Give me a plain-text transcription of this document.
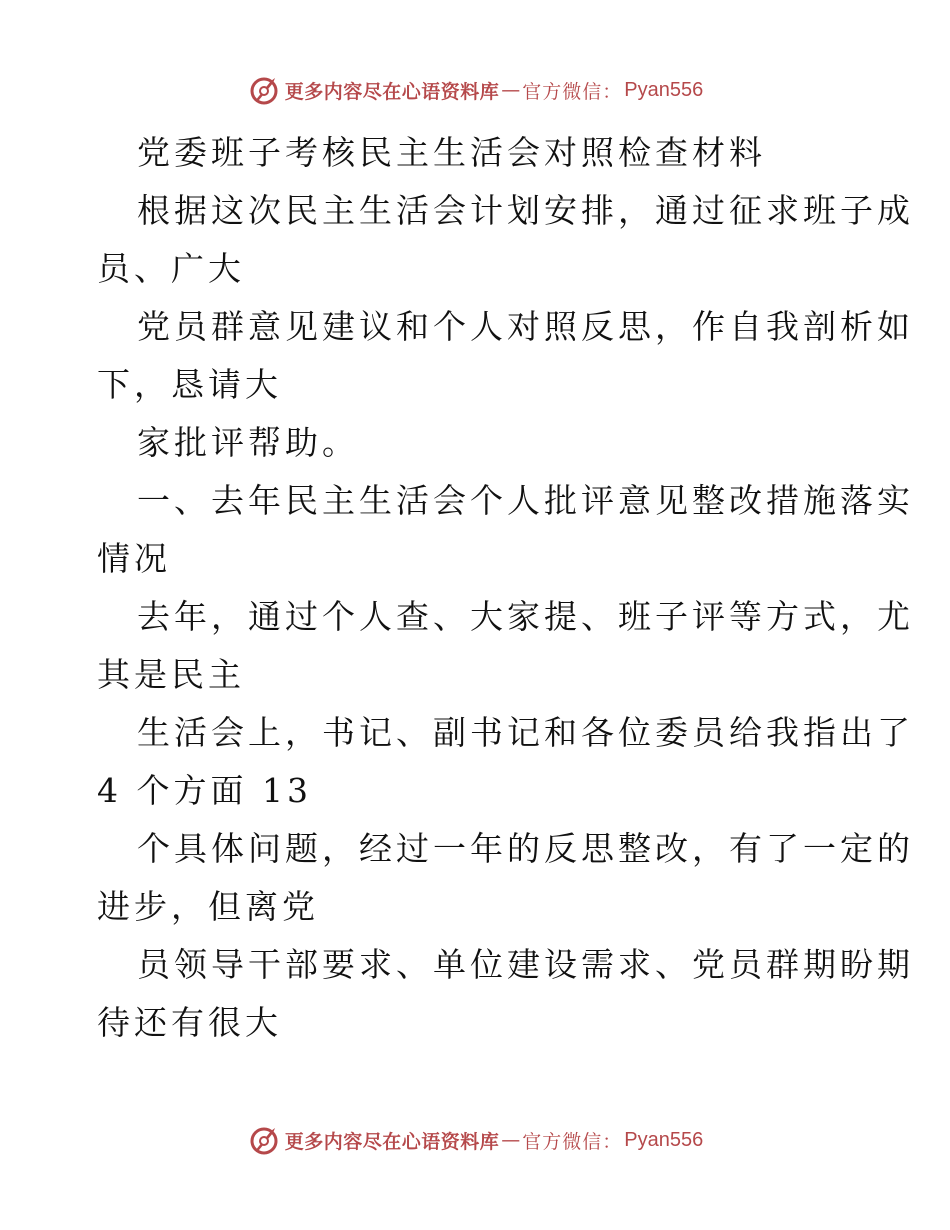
更多内容尽在心语资料库 — 官方微信： Pyan556
党委班子考核民主生活会对照检查材料
根据这次民主生活会计划安排，通过征求班子成
员、广大
党员群意见建议和个人对照反思，作自我剖析如
下，恳请大
家批评帮助。
一、去年民主生活会个人批评意见整改措施落实
情况
去年，通过个人查、大家提、班子评等方式，尤
其是民主
生活会上，书记、副书记和各位委员给我指出了
4 个方面 13
个具体问题，经过一年的反思整改，有了一定的
进步，但离党
员领导干部要求、单位建设需求、党员群期盼期
待还有很大
更多内容尽在心语资料库 — 官方微信： Pyan556
